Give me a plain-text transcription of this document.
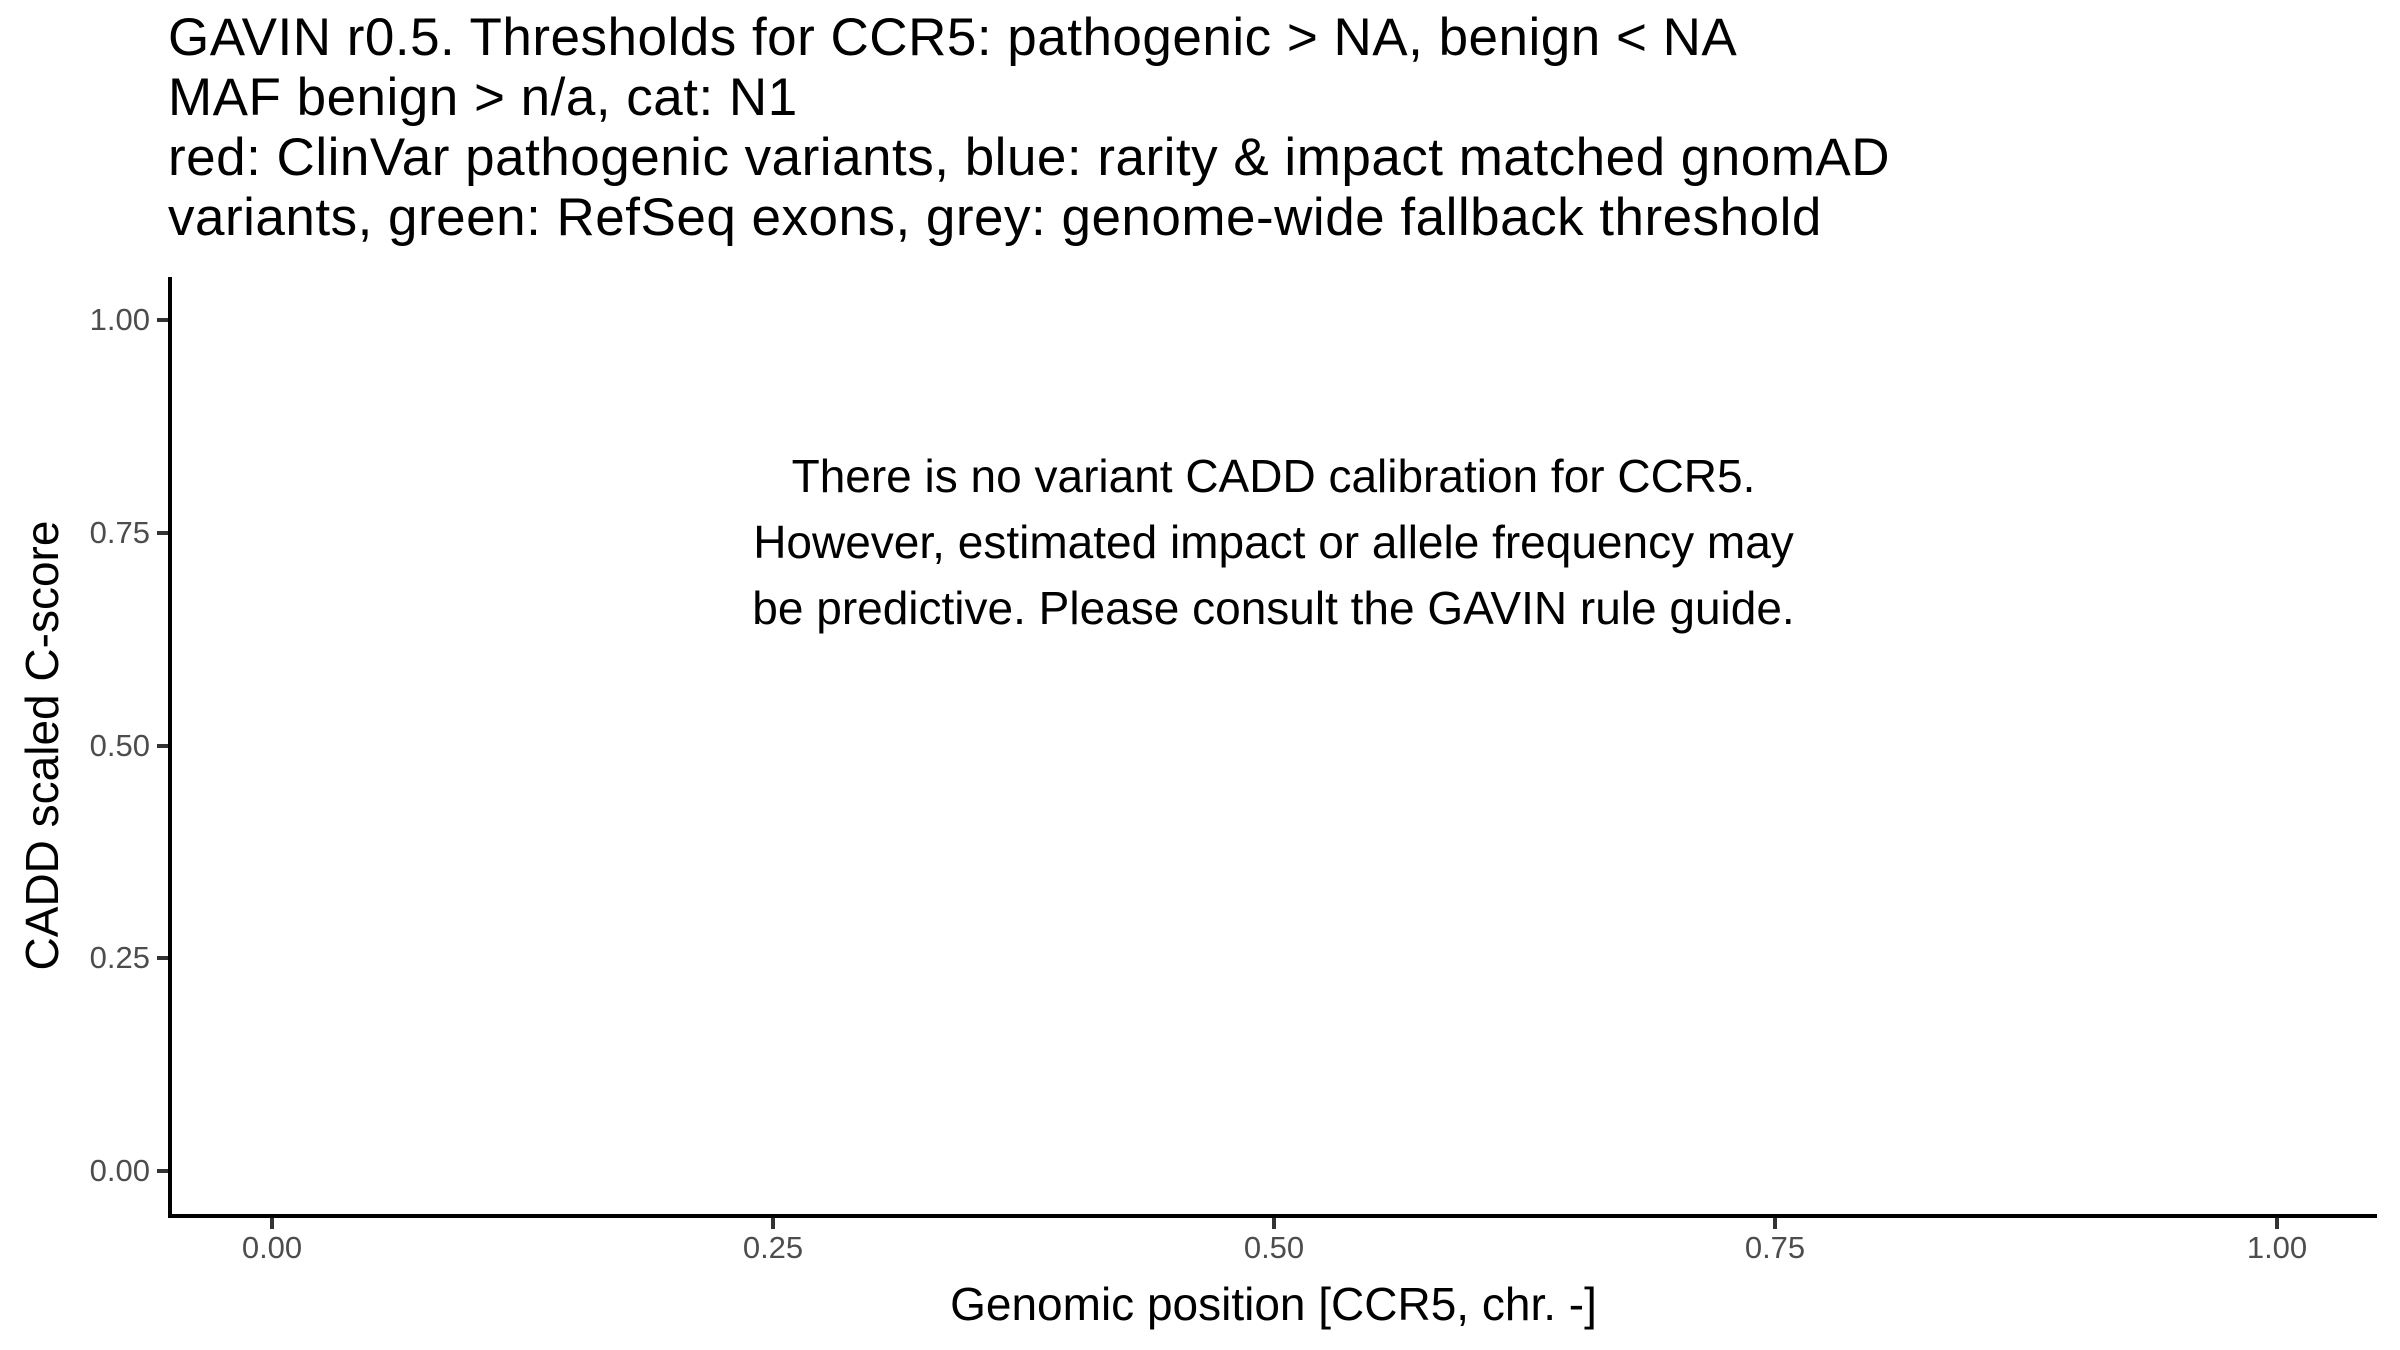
GAVIN r0.5. Thresholds for CCR5: pathogenic > NA, benign < NA
MAF benign > n/a, cat: N1
red: ClinVar pathogenic variants, blue: rarity & impact matched gnomAD
variants, green: RefSeq exons, grey: genome-wide fallback threshold
1.00
0.75
0.50
0.25
0.00
0.00	0.25	0.50	0.75	1.00
CADD scaled C-score
Genomic position [CCR5, chr. -]
There is no variant CADD calibration for CCR5.
However, estimated impact or allele frequency may
be predictive. Please consult the GAVIN rule guide.
